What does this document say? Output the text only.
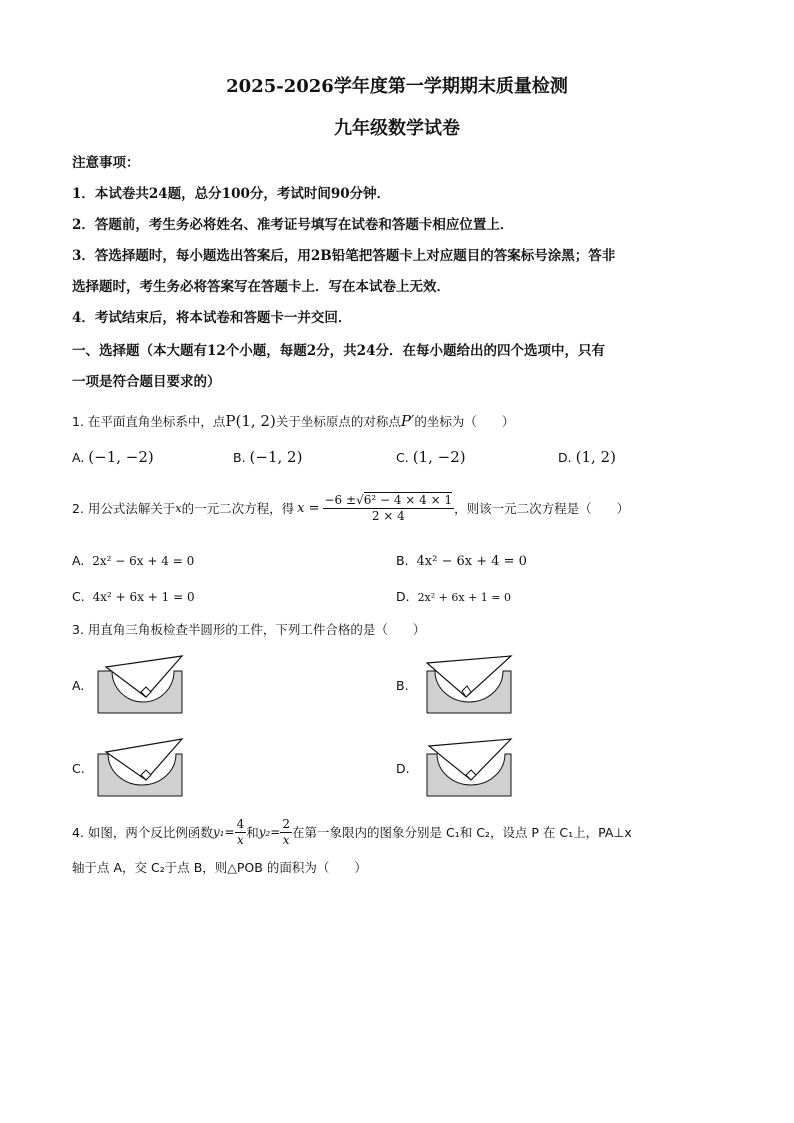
2025-2026学年度第一学期期末质量检测
九年级数学试卷
注意事项：
1．本试卷共24题，总分100分，考试时间90分钟．
2．答题前，考生务必将姓名、准考证号填写在试卷和答题卡相应位置上．
3．答选择题时，每小题选出答案后，用2B铅笔把答题卡上对应题目的答案标号涂黑；答非
选择题时，考生务必将答案写在答题卡上．写在本试卷上无效．
4．考试结束后，将本试卷和答题卡一并交回．
一、选择题（本大题有12个小题，每题2分，共24分．在每小题给出的四个选项中，只有
一项是符合题目要求的）
1. 在平面直角坐标系中，点P(1, 2)关于坐标原点的对称点P′的坐标为（　　）
A. (−1, −2)	B. (−1, 2)	C. (1, −2)	D. (1, 2)
2. 用公式法解关于 x 的一元二次方程，得 $x = \frac{\text{−6 ±√6² − 4 × 4 × 1}}{2 \times 4}$ ，则该一元二次方程是（　　）
A. 2x² − 6x + 4 = 0	B. 4x² − 6x + 4 = 0
C. 4x² + 6x + 1 = 0	D. 2x² + 6x + 1 = 0
3. 用直角三角板检查半圆形的工件，下列工件合格的是（　　）
A.	B.
C.	D.
4. 如图，两个反比例函数 $y_1= \frac{4}{x}$ 和 $y_2= \frac{2}{x}$ 在第一象限内的图象分别是 C₁和 C₂，设点 P 在 C₁上，PA⊥x
轴于点 A，交 C₂于点 B，则△POB 的面积为（　　）
